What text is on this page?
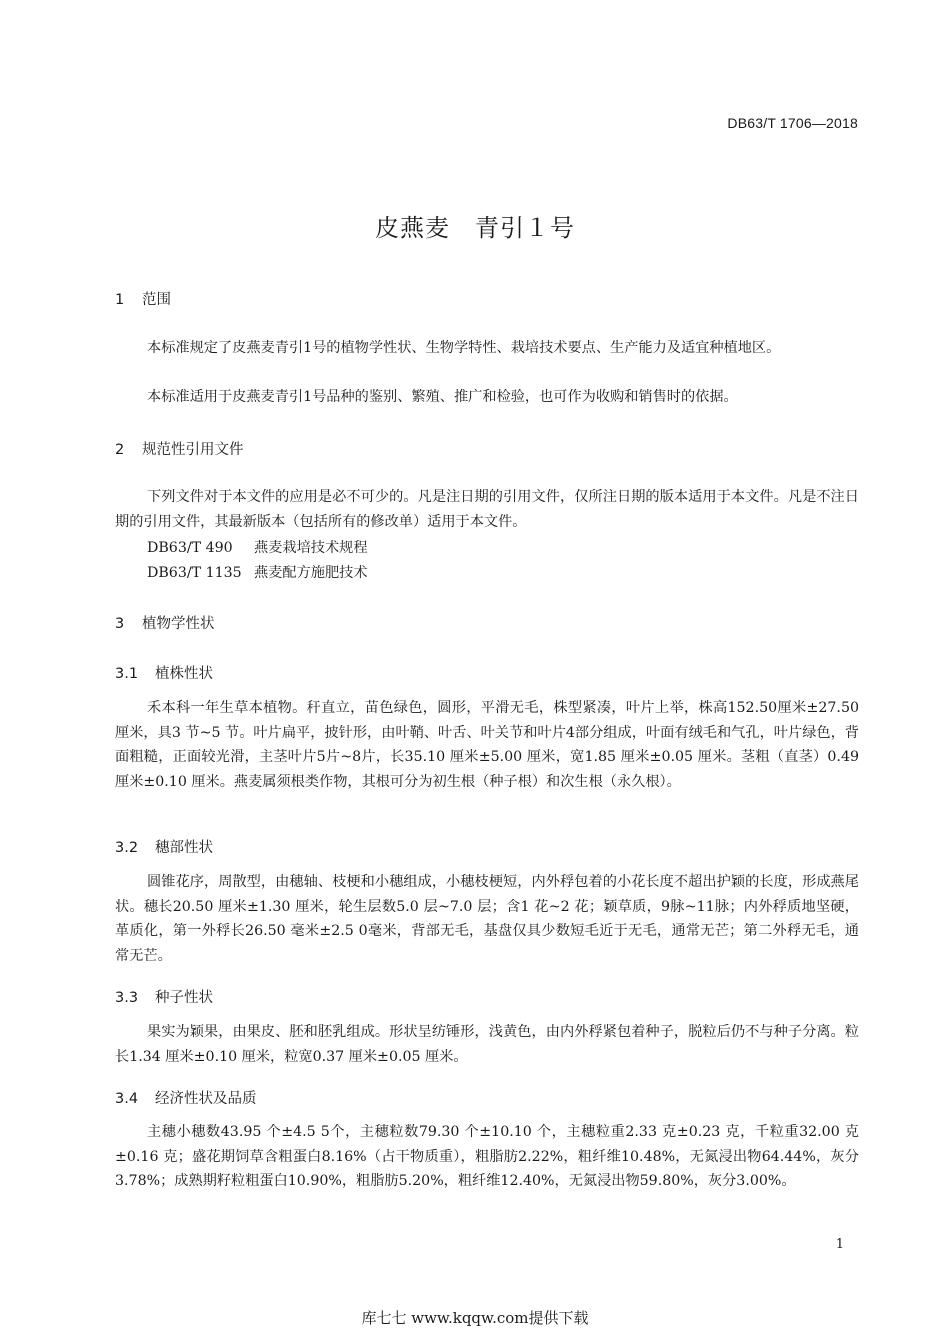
DB63/T 1706—2018
皮燕麦　青引１号
1 范围
本标准规定了皮燕麦青引1号的植物学性状、生物学特性、栽培技术要点、生产能力及适宜种植地区。
本标准适用于皮燕麦青引1号品种的鉴别、繁殖、推广和检验，也可作为收购和销售时的依据。
2 规范性引用文件
下列文件对于本文件的应用是必不可少的。凡是注日期的引用文件，仅所注日期的版本适用于本文件。凡是不注日期的引用文件，其最新版本（包括所有的修改单）适用于本文件。
DB63/T 490 燕麦栽培技术规程
DB63/T 1135 燕麦配方施肥技术
3 植物学性状
3.1 植株性状
禾本科一年生草本植物。秆直立，苗色绿色，圆形，平滑无毛，株型紧凑，叶片上举，株高152.50厘米±27.50 厘米，具3 节~5 节。叶片扁平，披针形，由叶鞘、叶舌、叶关节和叶片4部分组成，叶面有绒毛和气孔，叶片绿色，背面粗糙，正面较光滑，主茎叶片5片~8片，长35.10 厘米±5.00 厘米，宽1.85 厘米±0.05 厘米。茎粗（直茎）0.49 厘米±0.10 厘米。燕麦属须根类作物，其根可分为初生根（种子根）和次生根（永久根）。
3.2 穗部性状
圆锥花序，周散型，由穗轴、枝梗和小穗组成，小穗枝梗短，内外稃包着的小花长度不超出护颖的长度，形成燕尾状。穗长20.50 厘米±1.30 厘米，轮生层数5.0 层~7.0 层；含1 花~2 花；颖草质，9脉~11脉；内外稃质地坚硬，革质化，第一外稃长26.50 毫米±2.5 0毫米，背部无毛，基盘仅具少数短毛近于无毛，通常无芒；第二外稃无毛，通常无芒。
3.3 种子性状
果实为颖果，由果皮、胚和胚乳组成。形状呈纺锤形，浅黄色，由内外稃紧包着种子，脱粒后仍不与种子分离。粒长1.34 厘米±0.10 厘米，粒宽0.37 厘米±0.05 厘米。
3.4 经济性状及品质
主穗小穗数43.95 个±4.5 5个，主穗粒数79.30 个±10.10 个，主穗粒重2.33 克±0.23 克，千粒重32.00 克±0.16 克；盛花期饲草含粗蛋白8.16%（占干物质重），粗脂肪2.22%，粗纤维10.48%，无氮浸出物64.44%，灰分3.78%；成熟期籽粒粗蛋白10.90%，粗脂肪5.20%，粗纤维12.40%，无氮浸出物59.80%，灰分3.00%。
1
库七七 www.kqqw.com提供下载
